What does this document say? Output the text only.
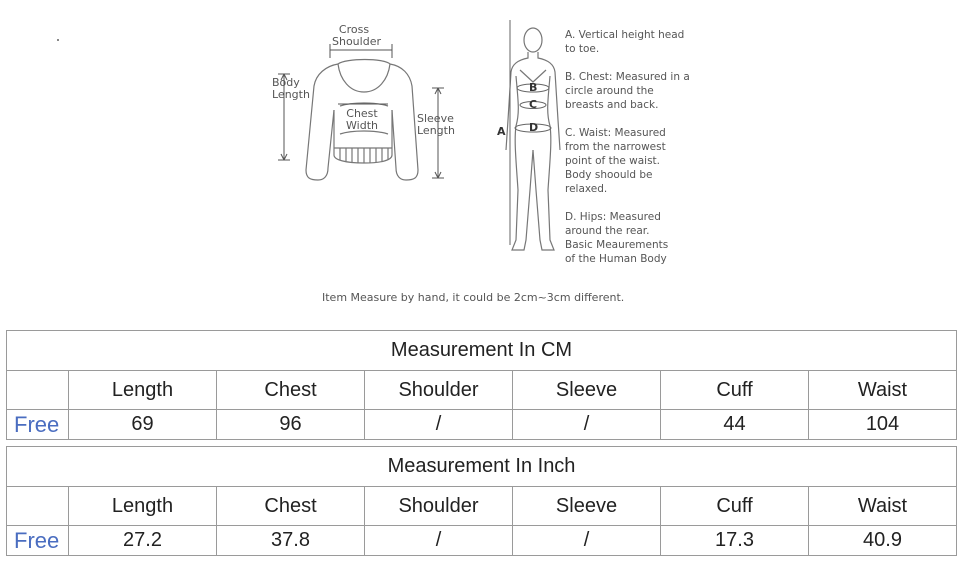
Cross
Shoulder
Body
Length
Chest
Width
Sleeve
Length	A
B
C
D
A. Vertical height head
to toe.
B. Chest: Measured in a
circle around the
breasts and back.
C. Waist: Measured
from the narrowest
point of the waist.
Body shoould be
relaxed.
D. Hips: Measured
around the rear.
Basic Meaurements
of the Human Body
Item Measure by hand, it could be 2cm~3cm different.
Measurement In CM						
	Length	Chest	Shoulder	Sleeve	Cuff	Waist
Free	69	96	/	/	44	104
Measurement In Inch						
	Length	Chest	Shoulder	Sleeve	Cuff	Waist
Free	27.2	37.8	/	/	17.3	40.9
